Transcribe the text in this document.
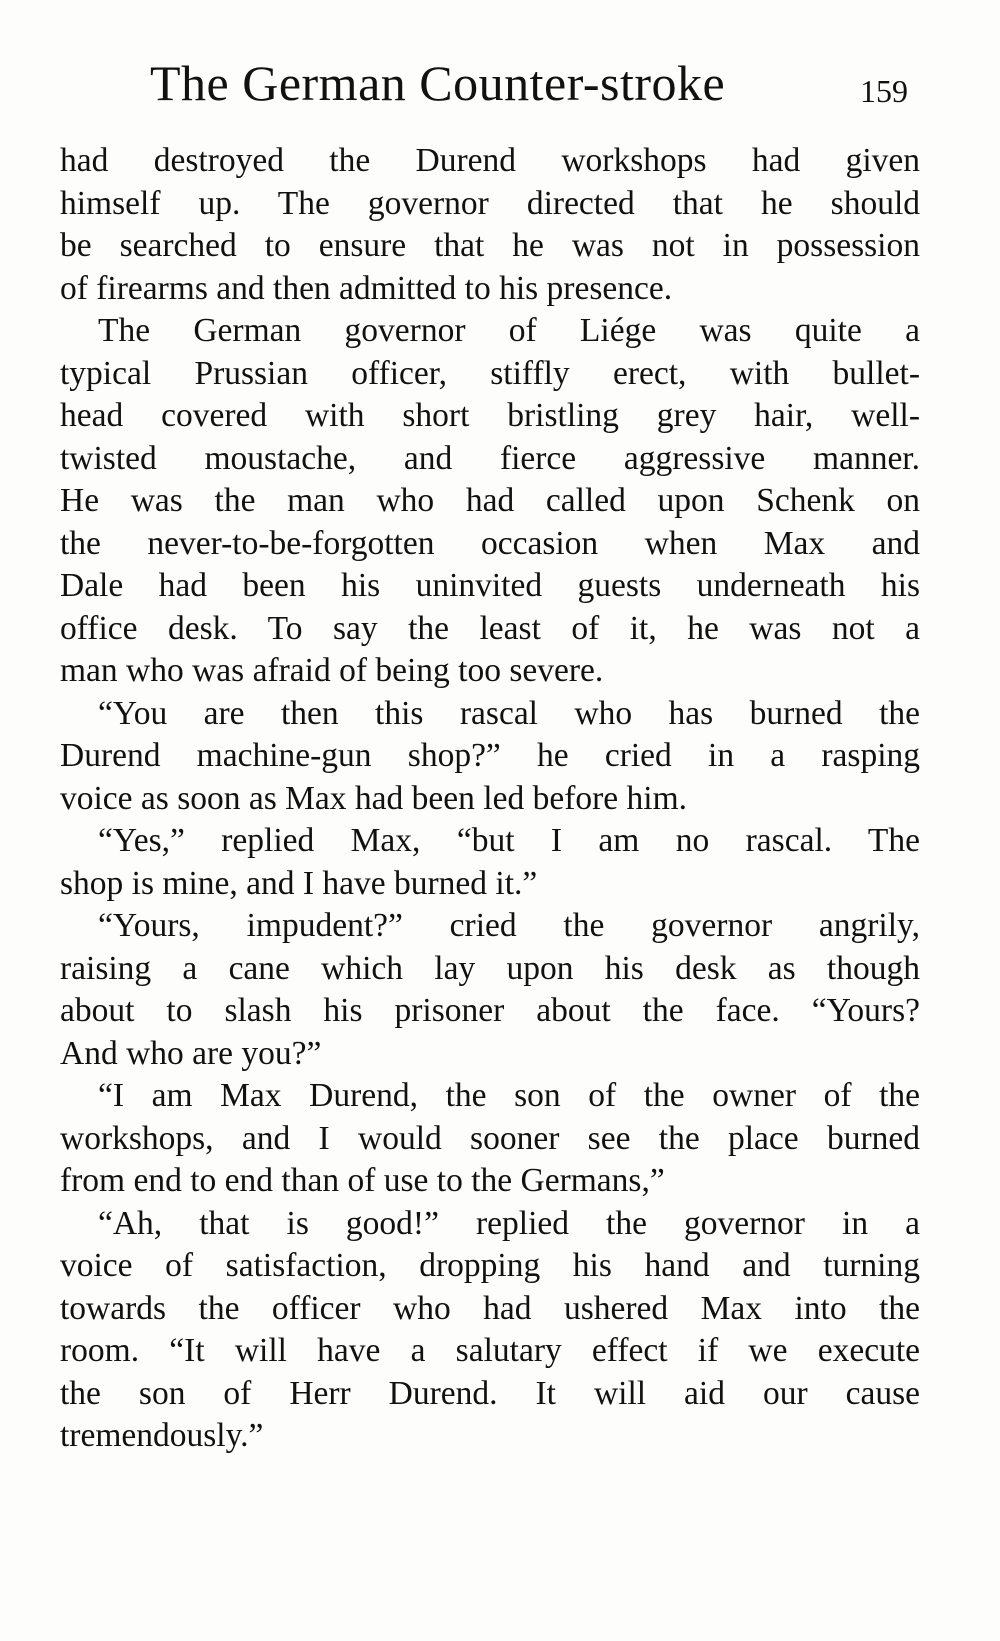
The German Counter-stroke	159
had destroyed the Durend workshops had given
himself up. The governor directed that he should
be searched to ensure that he was not in possession
of firearms and then admitted to his presence.
The German governor of Liége was quite a
typical Prussian officer, stiffly erect, with bullet-
head covered with short bristling grey hair, well-
twisted moustache, and fierce aggressive manner.
He was the man who had called upon Schenk on
the never-to-be-forgotten occasion when Max and
Dale had been his uninvited guests underneath his
office desk. To say the least of it, he was not a
man who was afraid of being too severe.
“You are then this rascal who has burned the
Durend machine-gun shop?” he cried in a rasping
voice as soon as Max had been led before him.
“Yes,” replied Max, “but I am no rascal. The
shop is mine, and I have burned it.”
“Yours, impudent?” cried the governor angrily,
raising a cane which lay upon his desk as though
about to slash his prisoner about the face. “Yours?
And who are you?”
“I am Max Durend, the son of the owner of the
workshops, and I would sooner see the place burned
from end to end than of use to the Germans,”
“Ah, that is good!” replied the governor in a
voice of satisfaction, dropping his hand and turning
towards the officer who had ushered Max into the
room. “It will have a salutary effect if we execute
the son of Herr Durend. It will aid our cause
tremendously.”
